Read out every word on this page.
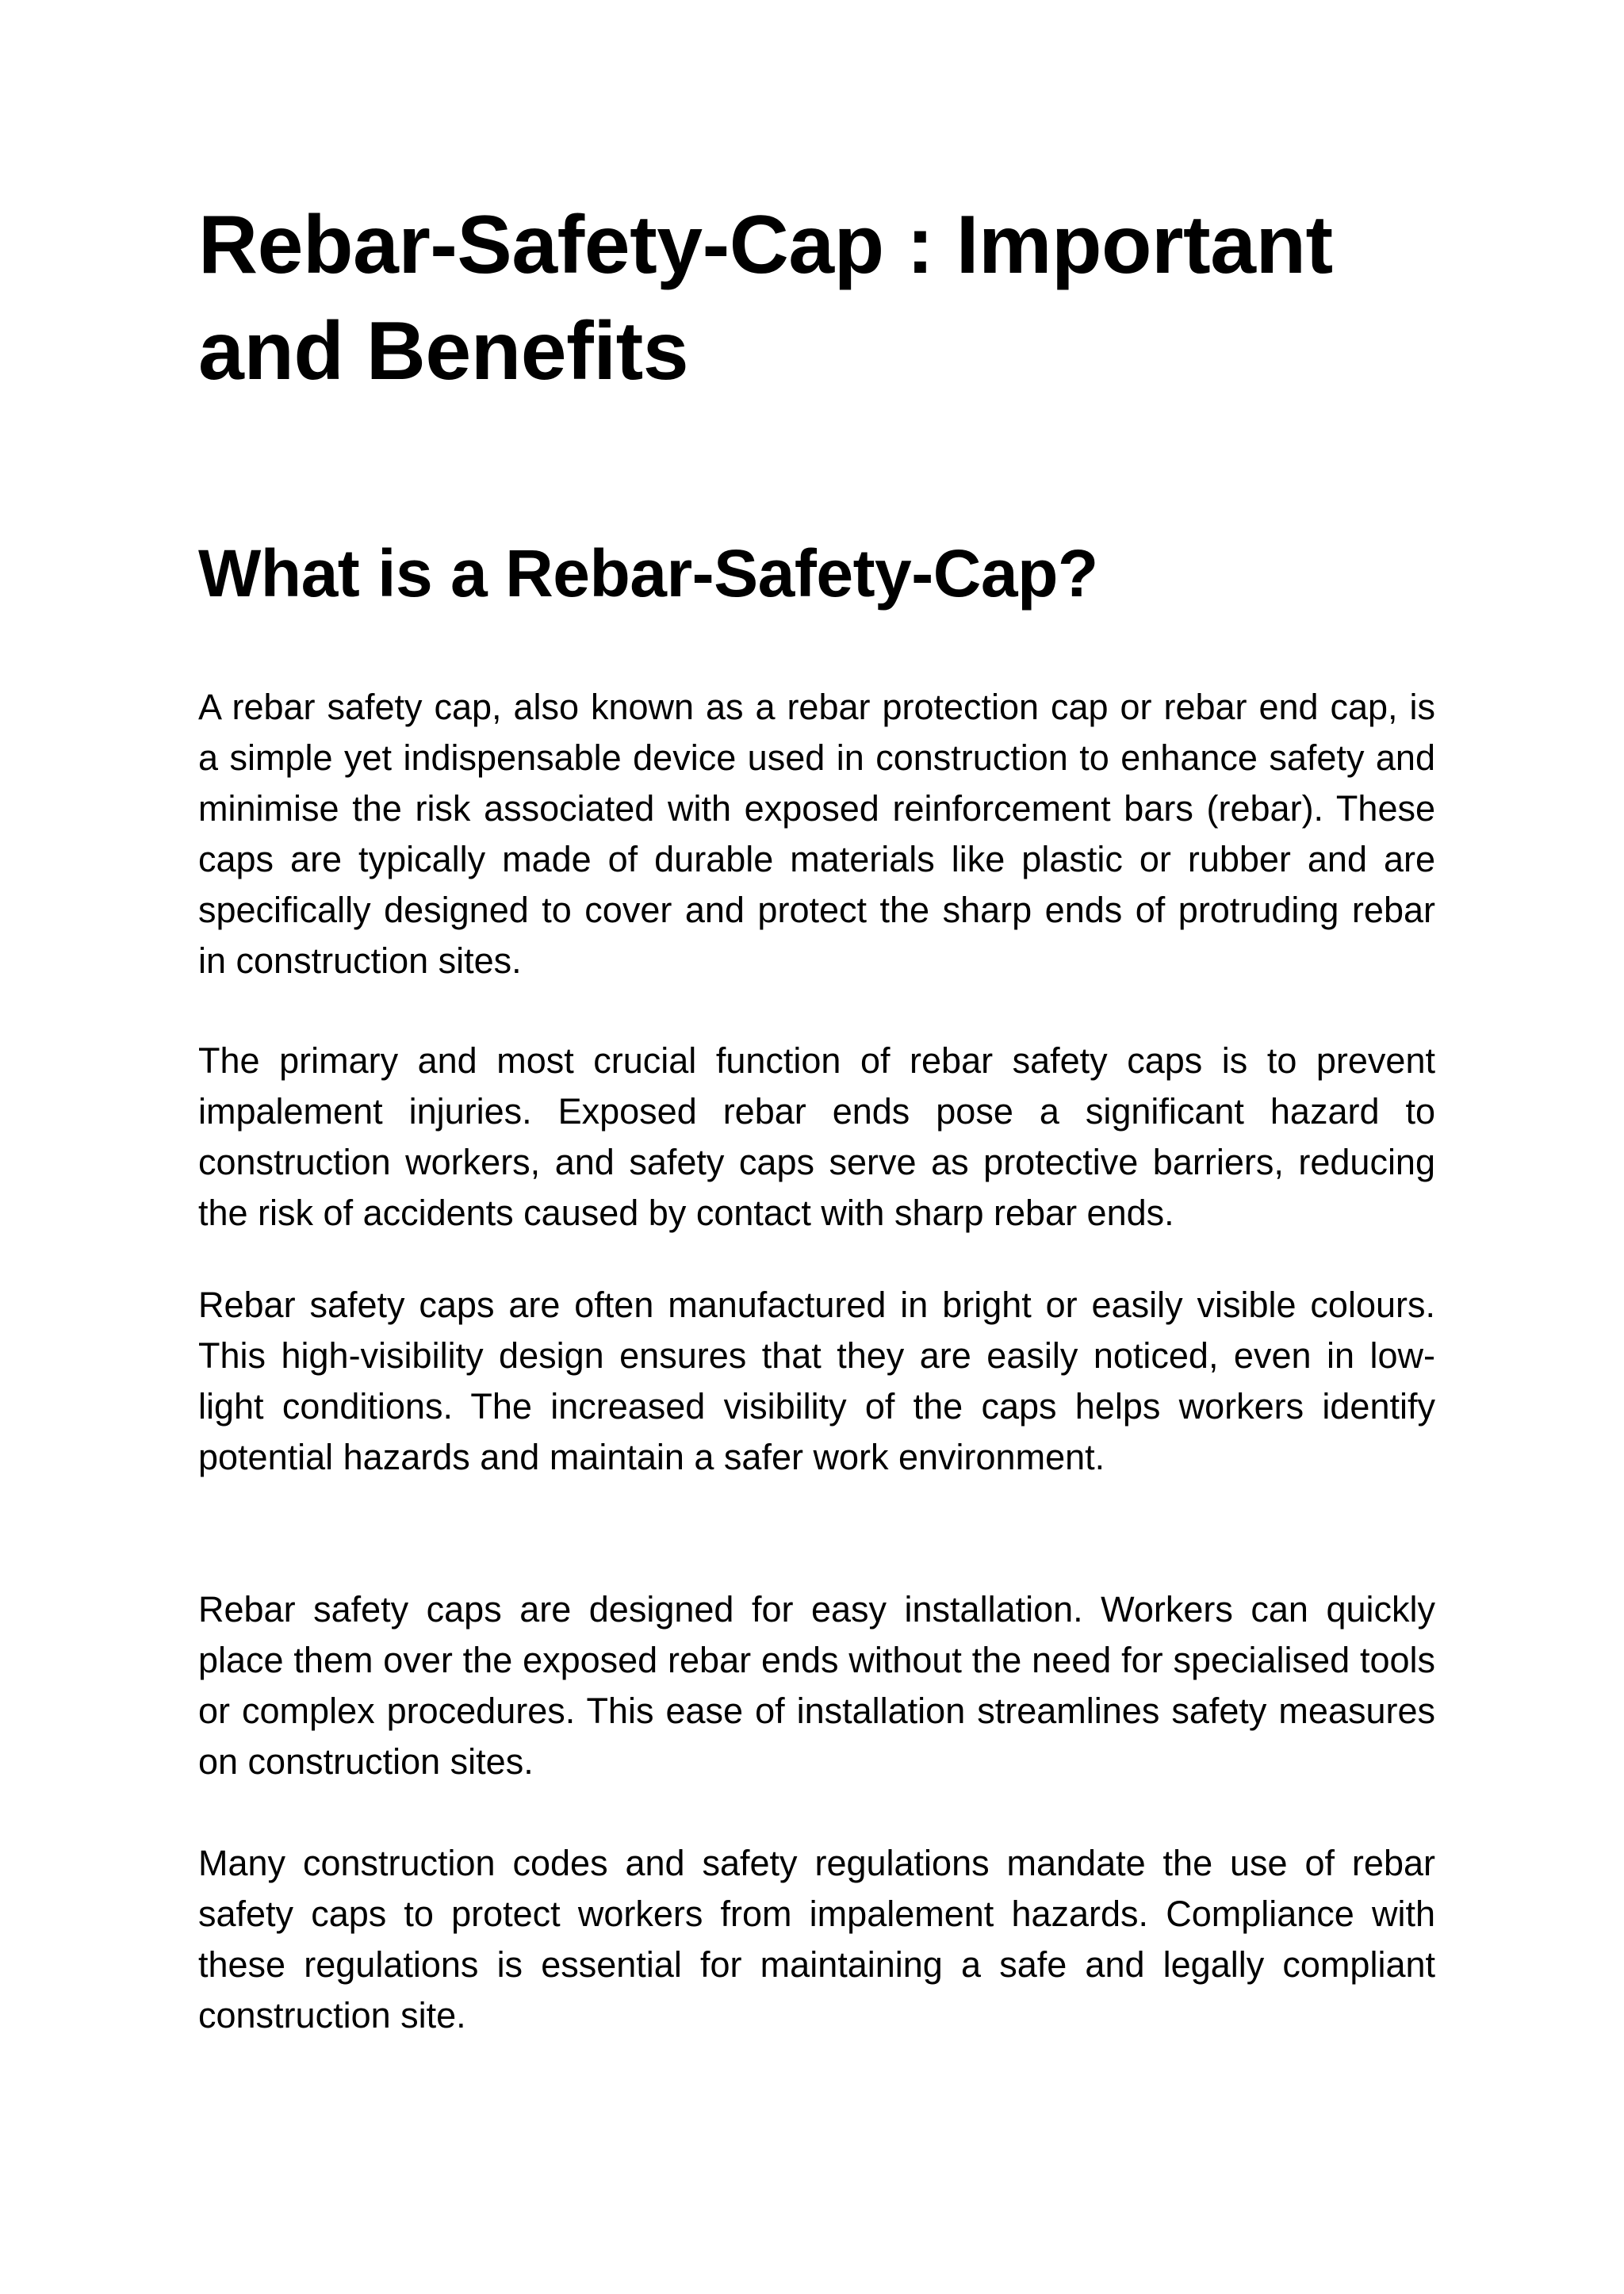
Rebar-Safety-Cap : Important and Benefits
What is a Rebar-Safety-Cap?

A rebar safety cap, also known as a rebar protection cap or rebar end cap, is a simple yet indispensable device used in construction to enhance safety and minimise the risk associated with exposed reinforcement bars (rebar). These caps are typically made of durable materials like plastic or rubber and are specifically designed to cover and protect the sharp ends of protruding rebar in construction sites.

The primary and most crucial function of rebar safety caps is to prevent impalement injuries. Exposed rebar ends pose a significant hazard to construction workers, and safety caps serve as protective barriers, reducing the risk of accidents caused by contact with sharp rebar ends.

Rebar safety caps are often manufactured in bright or easily visible colours. This high-visibility design ensures that they are easily noticed, even in low-light conditions. The increased visibility of the caps helps workers identify potential hazards and maintain a safer work environment.

Rebar safety caps are designed for easy installation. Workers can quickly place them over the exposed rebar ends without the need for specialised tools or complex procedures. This ease of installation streamlines safety measures on construction sites.

Many construction codes and safety regulations mandate the use of rebar safety caps to protect workers from impalement hazards. Compliance with these regulations is essential for maintaining a safe and legally compliant construction site.
